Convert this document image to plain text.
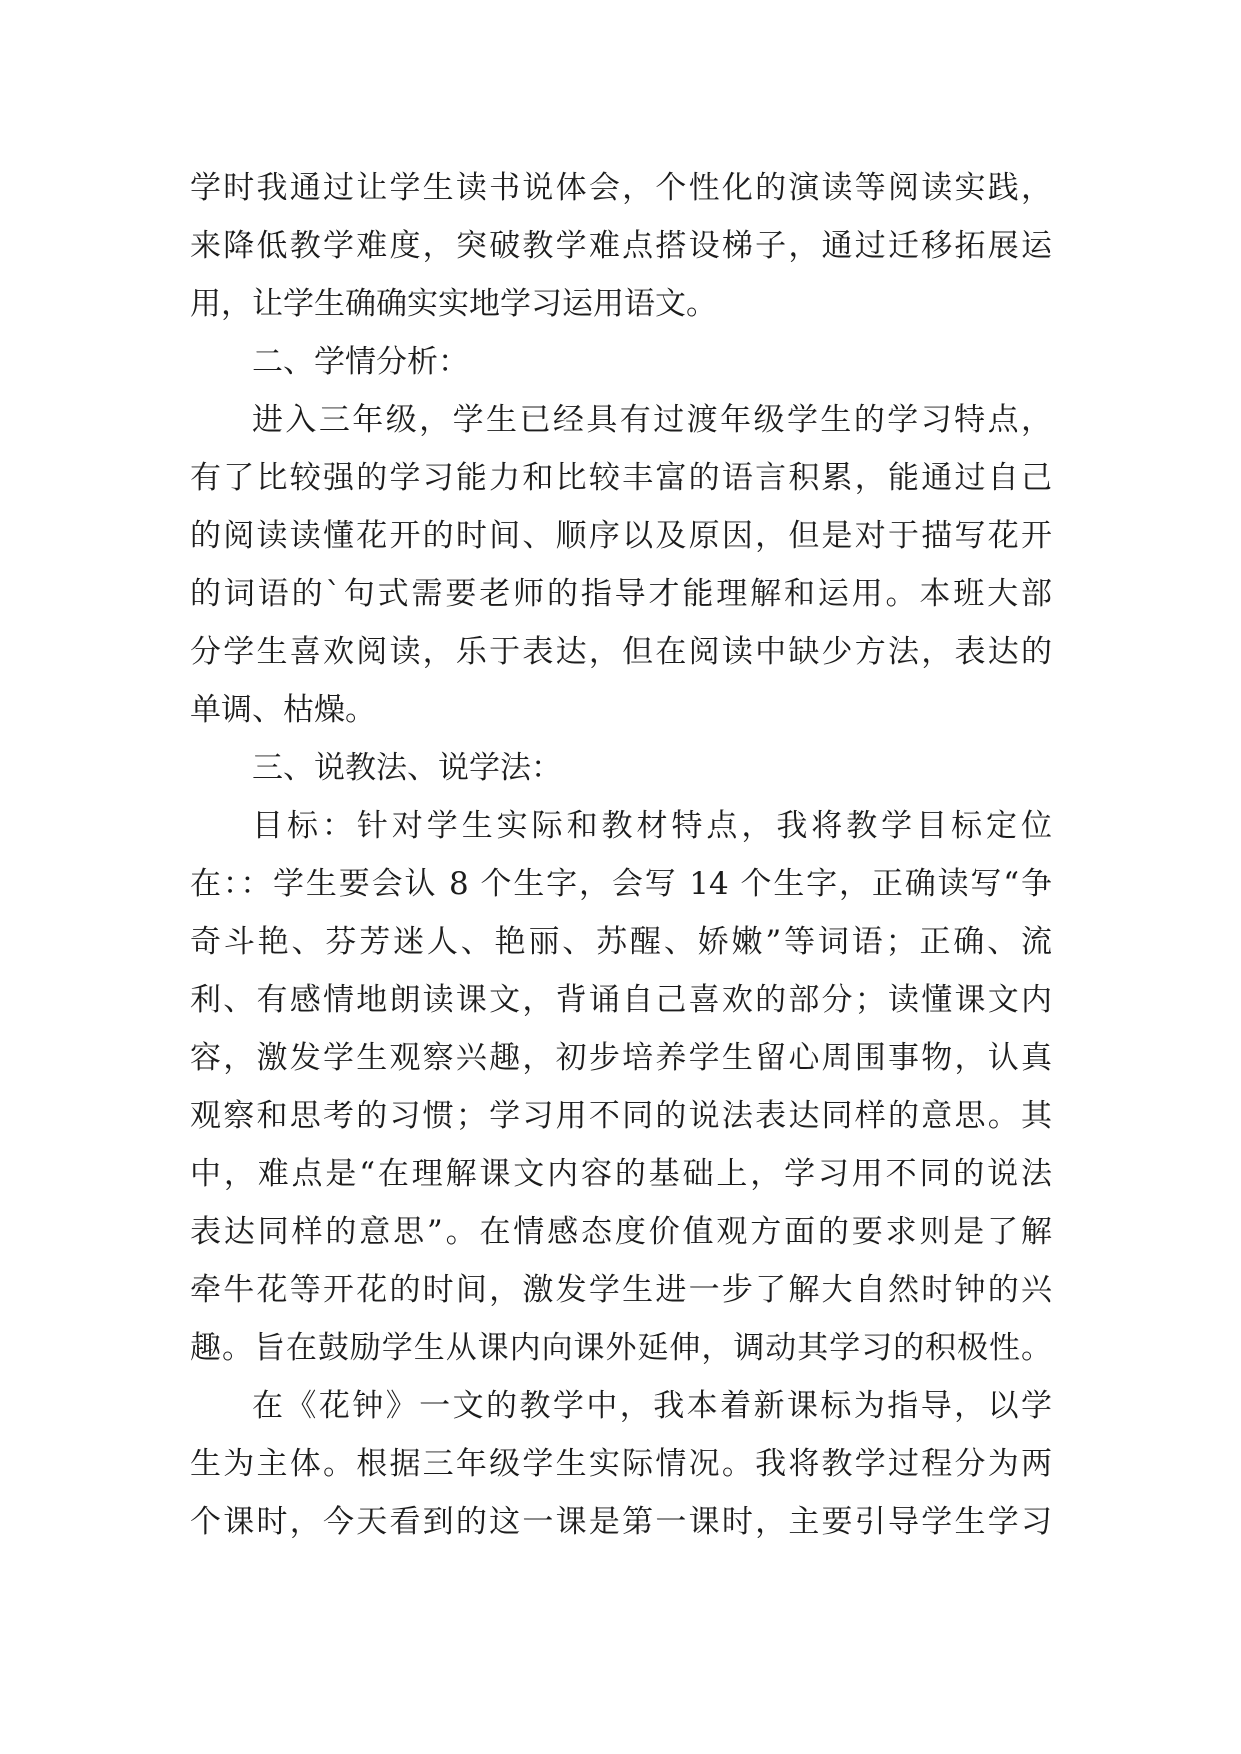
学时我通过让学生读书说体会，个性化的演读等阅读实践，
来降低教学难度，突破教学难点搭设梯子，通过迁移拓展运
用，让学生确确实实地学习运用语文。
二、学情分析：
进入三年级，学生已经具有过渡年级学生的学习特点，
有了比较强的学习能力和比较丰富的语言积累，能通过自己
的阅读读懂花开的时间、顺序以及原因，但是对于描写花开
的词语的`句式需要老师的指导才能理解和运用。本班大部
分学生喜欢阅读，乐于表达，但在阅读中缺少方法，表达的
单调、枯燥。
三、说教法、说学法：
目标：针对学生实际和教材特点，我将教学目标定位
在：：学生要会认 8 个生字，会写 14 个生字，正确读写“争
奇斗艳、芬芳迷人、艳丽、苏醒、娇嫩”等词语；正确、流
利、有感情地朗读课文，背诵自己喜欢的部分；读懂课文内
容，激发学生观察兴趣，初步培养学生留心周围事物，认真
观察和思考的习惯；学习用不同的说法表达同样的意思。其
中，难点是“在理解课文内容的基础上，学习用不同的说法
表达同样的意思”。在情感态度价值观方面的要求则是了解
牵牛花等开花的时间，激发学生进一步了解大自然时钟的兴
趣。旨在鼓励学生从课内向课外延伸，调动其学习的积极性。
在《花钟》一文的教学中，我本着新课标为指导，以学
生为主体。根据三年级学生实际情况。我将教学过程分为两
个课时，今天看到的这一课是第一课时，主要引导学生学习
